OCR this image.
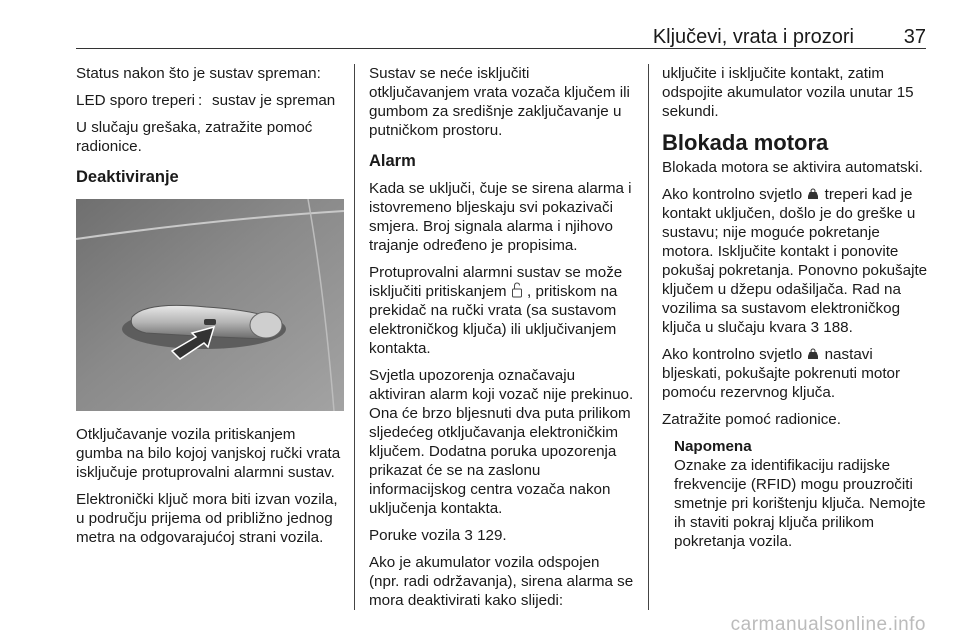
Ključevi, vrata i prozori 37

Status nakon što je sustav spreman:

LED sporo treperi : sustav je spreman

U slučaju grešaka, zatražite pomoć radionice.

Deaktiviranje

Otključavanje vozila pritiskanjem gumba na bilo kojoj vanjskoj ručki vrata isključuje protuprovalni alarmni sustav.

Elektronički ključ mora biti izvan vozila, u području prijema od približno jednog metra na odgovarajućoj strani vozila.

Sustav se neće isključiti otključavanjem vrata vozača ključem ili gumbom za središnje zaključavanje u putničkom prostoru.

Alarm

Kada se uključi, čuje se sirena alarma i istovremeno bljeskaju svi pokazivači smjera. Broj signala alarma i njihovo trajanje određeno je propisima.

Protuprovalni alarmni sustav se može isključiti pritiskanjem , pritiskom na prekidač na ručki vrata (sa sustavom elektroničkog ključa) ili uključivanjem kontakta.

Svjetla upozorenja označavaju aktiviran alarm koji vozač nije prekinuo. Ona će brzo bljesnuti dva puta prilikom sljedećeg otključavanja elektroničkim ključem. Dodatna poruka upozorenja prikazat će se na zaslonu informacijskog centra vozača nakon uključenja kontakta.

Poruke vozila 3 129.

Ako je akumulator vozila odspojen (npr. radi održavanja), sirena alarma se mora deaktivirati kako slijedi:

uključite i isključite kontakt, zatim odspojite akumulator vozila unutar 15 sekundi.

Blokada motora

Blokada motora se aktivira automatski.

Ako kontrolno svjetlo  treperi kad je kontakt uključen, došlo je do greške u sustavu; nije moguće pokretanje motora. Isključite kontakt i ponovite pokušaj pokretanja. Ponovno pokušajte ključem u džepu odašiljača. Rad na vozilima sa sustavom elektroničkog ključa u slučaju kvara 3 188.

Ako kontrolno svjetlo  nastavi bljeskati, pokušajte pokrenuti motor pomoću rezervnog ključa.

Zatražite pomoć radionice.

Napomena
Oznake za identifikaciju radijske frekvencije (RFID) mogu prouzročiti smetnje pri korištenju ključa. Nemojte ih staviti pokraj ključa prilikom pokretanja vozila.
carmanualsonline.info
